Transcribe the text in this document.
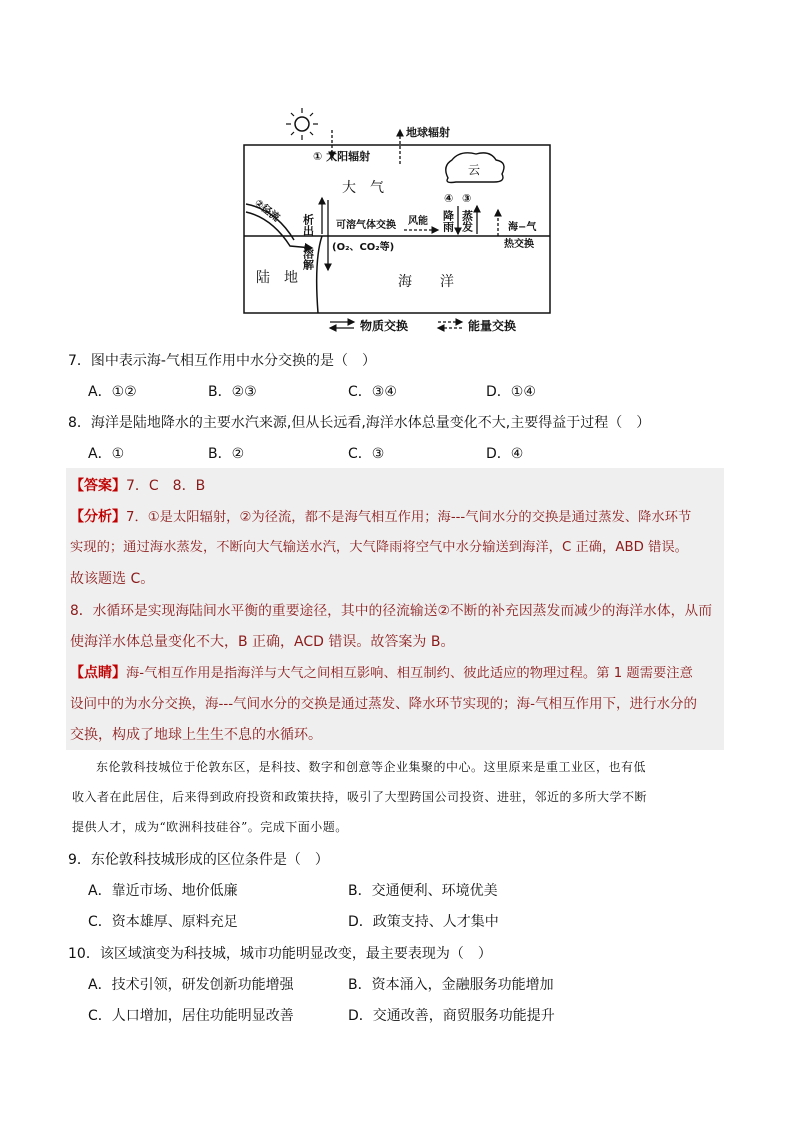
① 太阳辐射
地球辐射
云
大　气
②径流
析出
溶解
可溶气体交换
(O₂、CO₂等)
风能
④ ③
降雨 蒸发	海−气
热交换
陆　地	海　　洋
物质交换	能量交换
7．图中表示海-气相互作用中水分交换的是（　）
A．①②	B．②③	C．③④	D．①④
8．海洋是陆地降水的主要水汽来源,但从长远看,海洋水体总量变化不大,主要得益于过程（　）
A．①	B．②	C．③	D．④
【答案】7．C　8．B
【分析】7．①是太阳辐射，②为径流，都不是海气相互作用；海---气间水分的交换是通过蒸发、降水环节
实现的；通过海水蒸发，不断向大气输送水汽，大气降雨将空气中水分输送到海洋，C 正确，ABD 错误。
故该题选 C。
8．水循环是实现海陆间水平衡的重要途径，其中的径流输送②不断的补充因蒸发而减少的海洋水体，从而
使海洋水体总量变化不大，B 正确，ACD 错误。故答案为 B。
【点睛】海-气相互作用是指海洋与大气之间相互影响、相互制约、彼此适应的物理过程。第 1 题需要注意
设问中的为水分交换，海---气间水分的交换是通过蒸发、降水环节实现的；海-气相互作用下，进行水分的
交换，构成了地球上生生不息的水循环。
东伦敦科技城位于伦敦东区，是科技、数字和创意等企业集聚的中心。这里原来是重工业区，也有低
收入者在此居住，后来得到政府投资和政策扶持，吸引了大型跨国公司投资、进驻，邻近的多所大学不断
提供人才，成为“欧洲科技硅谷”。完成下面小题。
9．东伦敦科技城形成的区位条件是（　）
A．靠近市场、地价低廉	B．交通便利、环境优美
C．资本雄厚、原料充足	D．政策支持、人才集中
10．该区域演变为科技城，城市功能明显改变，最主要表现为（　）
A．技术引领，研发创新功能增强	B．资本涌入，金融服务功能增加
C．人口增加，居住功能明显改善	D．交通改善，商贸服务功能提升
